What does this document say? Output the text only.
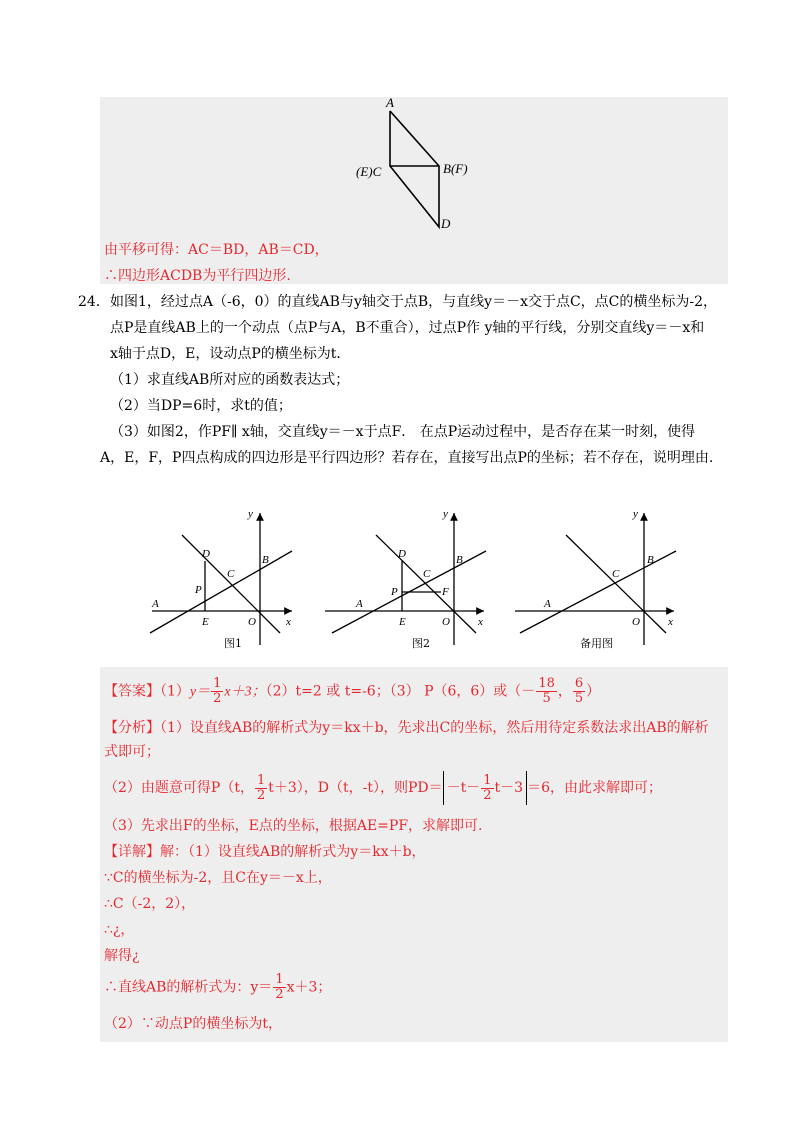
A
(E)C	B(F)
D
由平移可得：AC＝BD，AB＝CD，
∴四边形ACDB为平行四边形.
24． 如图1，经过点A（-6，0）的直线AB与y轴交于点B，与直线y＝－x交于点C，点C的横坐标为-2，
点P是直线AB上的一个动点（点P与A，B不重合），过点P作 y轴的平行线，分别交直线y＝－x和
x轴于点D，E，设动点P的横坐标为t．
（1）求直线AB所对应的函数表达式；
（2）当DP=6时，求t的值；
（3）如图2，作PF∥ x轴，交直线y＝－x于点F． 在点P运动过程中，是否存在某一时刻，使得
A，E，F，P四点构成的四边形是平行四边形？若存在，直接写出点P的坐标；若不存在，说明理由.
A
B
C
D
P
E	O	x
y
图1
A
B
C
D
P	F
E	O	x
y
图2
A
B
C
O	x
y
备用图
【答案】$(1)y= \frac{1}{2} x+3$；（2）t=2 或 t=-6；（3） P（6，6）或（－ $\frac{18}{5}$ ， $\frac{6}{5}$ ）
【分析】（1）设直线AB的解析式为y＝kx＋b，先求出C的坐标，然后用待定系数法求出AB的解析
式即可；
（2）由题意可得P（t， $\frac{1}{2} t+3$），D（t，-t），则$PD= -t- \frac{1}{2} t-3 =6$，由此求解即可；
（3）先求出F的坐标，E点的坐标，根据AE=PF，求解即可.
【详解】解：（1）设直线AB的解析式为y＝kx＋b，
∵C的横坐标为-2，且C在y＝－x上，
∴C（-2，2），
∴¿，
解得¿
∴直线AB的解析式为：$y= \frac{1}{2} x+3$；
（2）∵动点P的横坐标为t，
